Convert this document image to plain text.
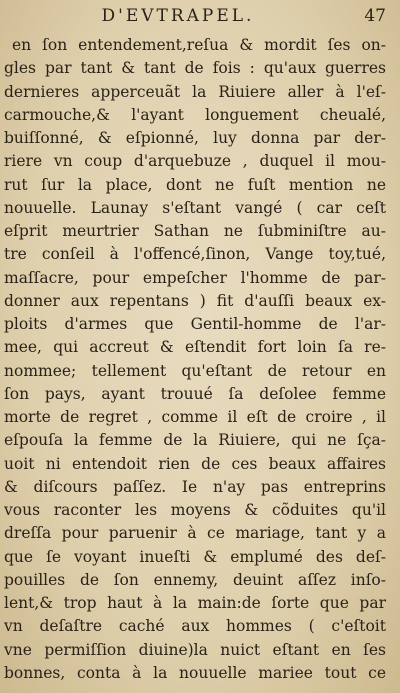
D'EVTRAPEL.	47
en ſon entendement,reſua & mordit ſes on-
gles par tant & tant de fois : qu'aux guerres
dernieres apperceuãt la Riuiere aller à l'eſ-
carmouche,& l'ayant longuement cheualé,
buiſſonné, & eſpionné, luy donna par der-
riere vn coup d'arquebuze , duquel il mou-
rut ſur la place, dont ne fuſt mention ne
nouuelle. Launay s'eſtant vangé ( car ceſt
eſprit meurtrier Sathan ne ſubminiſtre au-
tre conſeil à l'offencé,ſinon, Vange toy,tué,
maſſacre, pour empeſcher l'homme de par-
donner aux repentans ) fit d'auſſi beaux ex-
ploits d'armes que Gentil-homme de l'ar-
mee, qui accreut & eſtendit fort loin ſa re-
nommee; tellement qu'eſtant de retour en
ſon pays, ayant trouué ſa deſolee femme
morte de regret , comme il eſt de croire , il
eſpouſa la femme de la Riuiere, qui ne ſça-
uoit ni entendoit rien de ces beaux affaires
& diſcours paſſez. Ie n'ay pas entreprins
vous raconter les moyens & cõduites qu'il
dreſſa pour paruenir à ce mariage, tant y a
que ſe voyant inueſti & emplumé des deſ-
pouilles de ſon ennemy, deuint aſſez inſo-
lent,& trop haut à la main:de ſorte que par
vn deſaſtre caché aux hommes ( c'eſtoit
vne permiſſion diuine)la nuict eſtant en ſes
bonnes, conta à la nouuelle mariee tout ce
